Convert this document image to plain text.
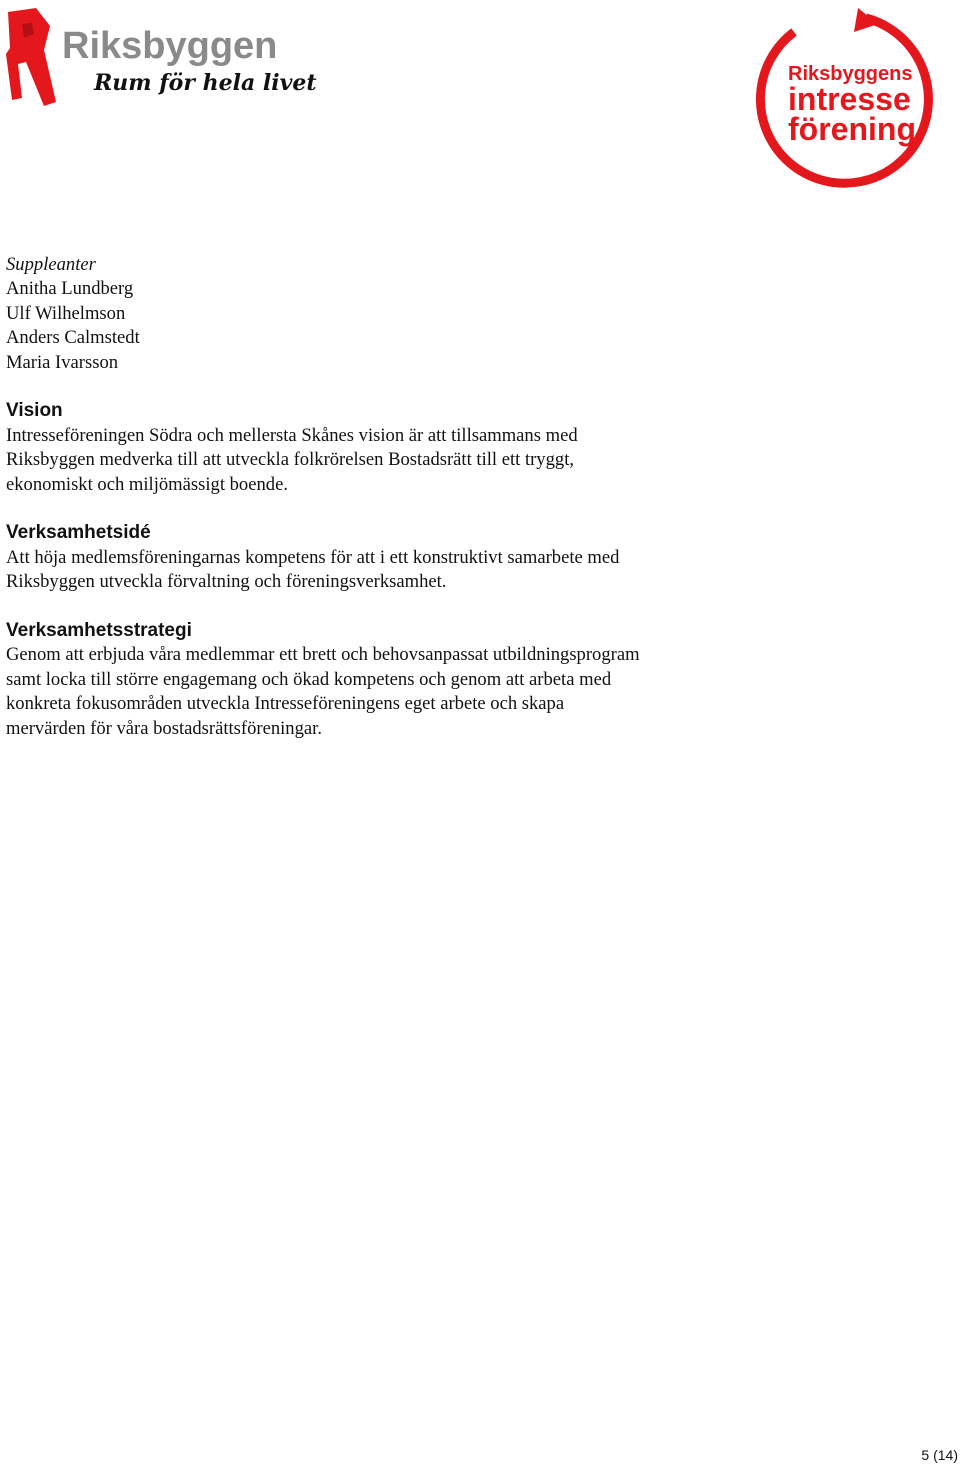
Riksbyggen
Rum för hela livet	Riksbyggens
intresse
förening

Suppleanter

Anitha Lundberg

Ulf Wilhelmson

Anders Calmstedt

Maria Ivarsson

Vision

Intresseföreningen Södra och mellersta Skånes vision är att tillsammans med

Riksbyggen medverka till att utveckla folkrörelsen Bostadsrätt till ett tryggt,

ekonomiskt och miljömässigt boende.

Verksamhetsidé

Att höja medlemsföreningarnas kompetens för att i ett konstruktivt samarbete med

Riksbyggen utveckla förvaltning och föreningsverksamhet.

Verksamhetsstrategi

Genom att erbjuda våra medlemmar ett brett och behovsanpassat utbildningsprogram

samt locka till större engagemang och ökad kompetens och genom att arbeta med

konkreta fokusområden utveckla Intresseföreningens eget arbete och skapa

mervärden för våra bostadsrättsföreningar.

5 (14)
